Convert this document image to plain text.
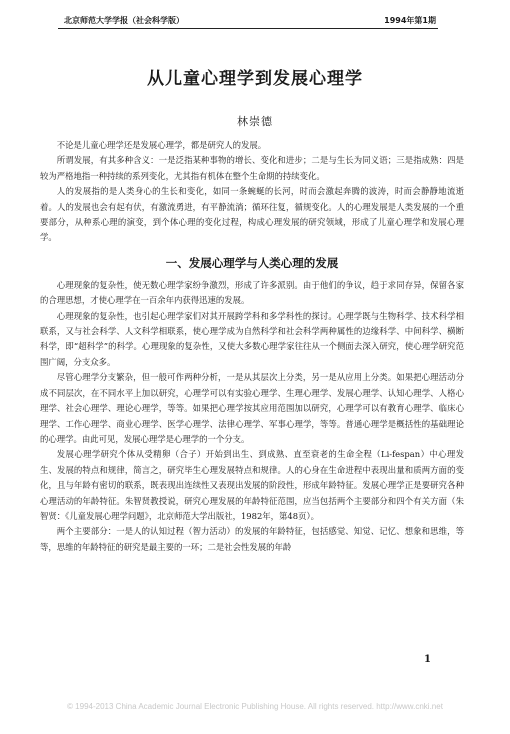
北京师范大学学报（社会科学版）	1994年第1期
从儿童心理学到发展心理学
林崇德

不论是儿童心理学还是发展心理学，都是研究人的发展。

所谓发展，有其多种含义：一是泛指某种事物的增长、变化和进步；二是与生长为同义语；三是指成熟：四是较为严格地指一种持续的系列变化，尤其指有机体在整个生命期的持续变化。

人的发展指的是人类身心的生长和变化，如同一条蜿蜒的长河，时而会激起奔腾的波涛，时而会静静地流逝着。人的发展也会有起有伏，有激流勇进，有平静流淌；循环往复，循规变化。人的心理发展是人类发展的一个重要部分，从种系心理的演变，到个体心理的变化过程，构成心理发展的研究领域，形成了儿童心理学和发展心理学。

一、发展心理学与人类心理的发展

心理现象的复杂性，使无数心理学家纷争激烈，形成了许多派别。由于他们的争议，趋于求同存异，保留各家的合理思想，才使心理学在一百余年内获得迅速的发展。

心理现象的复杂性，也引起心理学家们对其开展跨学科和多学科性的探讨。心理学既与生物科学、技术科学相联系，又与社会科学、人文科学相联系，使心理学成为自然科学和社会科学两种属性的边缘科学、中间科学、横断科学，即“超科学”的科学。心理现象的复杂性，又使大多数心理学家往往从一个侧面去深入研究，使心理学研究范围广阔，分支众多。

尽管心理学分支繁杂，但一般可作两种分析，一是从其层次上分类，另一是从应用上分类。如果把心理活动分成不同层次，在不同水平上加以研究，心理学可以有实验心理学、生理心理学、发展心理学、认知心理学、人格心理学、社会心理学、理论心理学，等等。如果把心理学按其应用范围加以研究，心理学可以有教育心理学、临床心理学、工作心理学、商业心理学、医学心理学、法律心理学、军事心理学，等等。普通心理学是概括性的基础理论的心理学。由此可见，发展心理学是心理学的一个分支。

发展心理学研究个体从受精卵（合子）开始到出生、到成熟、直至衰老的生命全程（Li-fespan）中心理发生、发展的特点和规律，简言之，研究毕生心理发展特点和规律。人的心身在生命进程中表现出量和质两方面的变化，且与年龄有密切的联系，既表现出连续性又表现出发展的阶段性，形成年龄特征。发展心理学正是要研究各种心理活动的年龄特征。朱智贤教授说，研究心理发展的年龄特征范围，应当包括两个主要部分和四个有关方面（朱智贤：《儿童发展心理学问题》，北京师范大学出版社，1982年，第48页）。

两个主要部分：一是人的认知过程（智力活动）的发展的年龄特征，包括感觉、知觉、记忆、想象和思维，等等，思维的年龄特征的研究是最主要的一环；二是社会性发展的年龄

1
© 1994-2013 China Academic Journal Electronic Publishing House. All rights reserved. http://www.cnki.net
